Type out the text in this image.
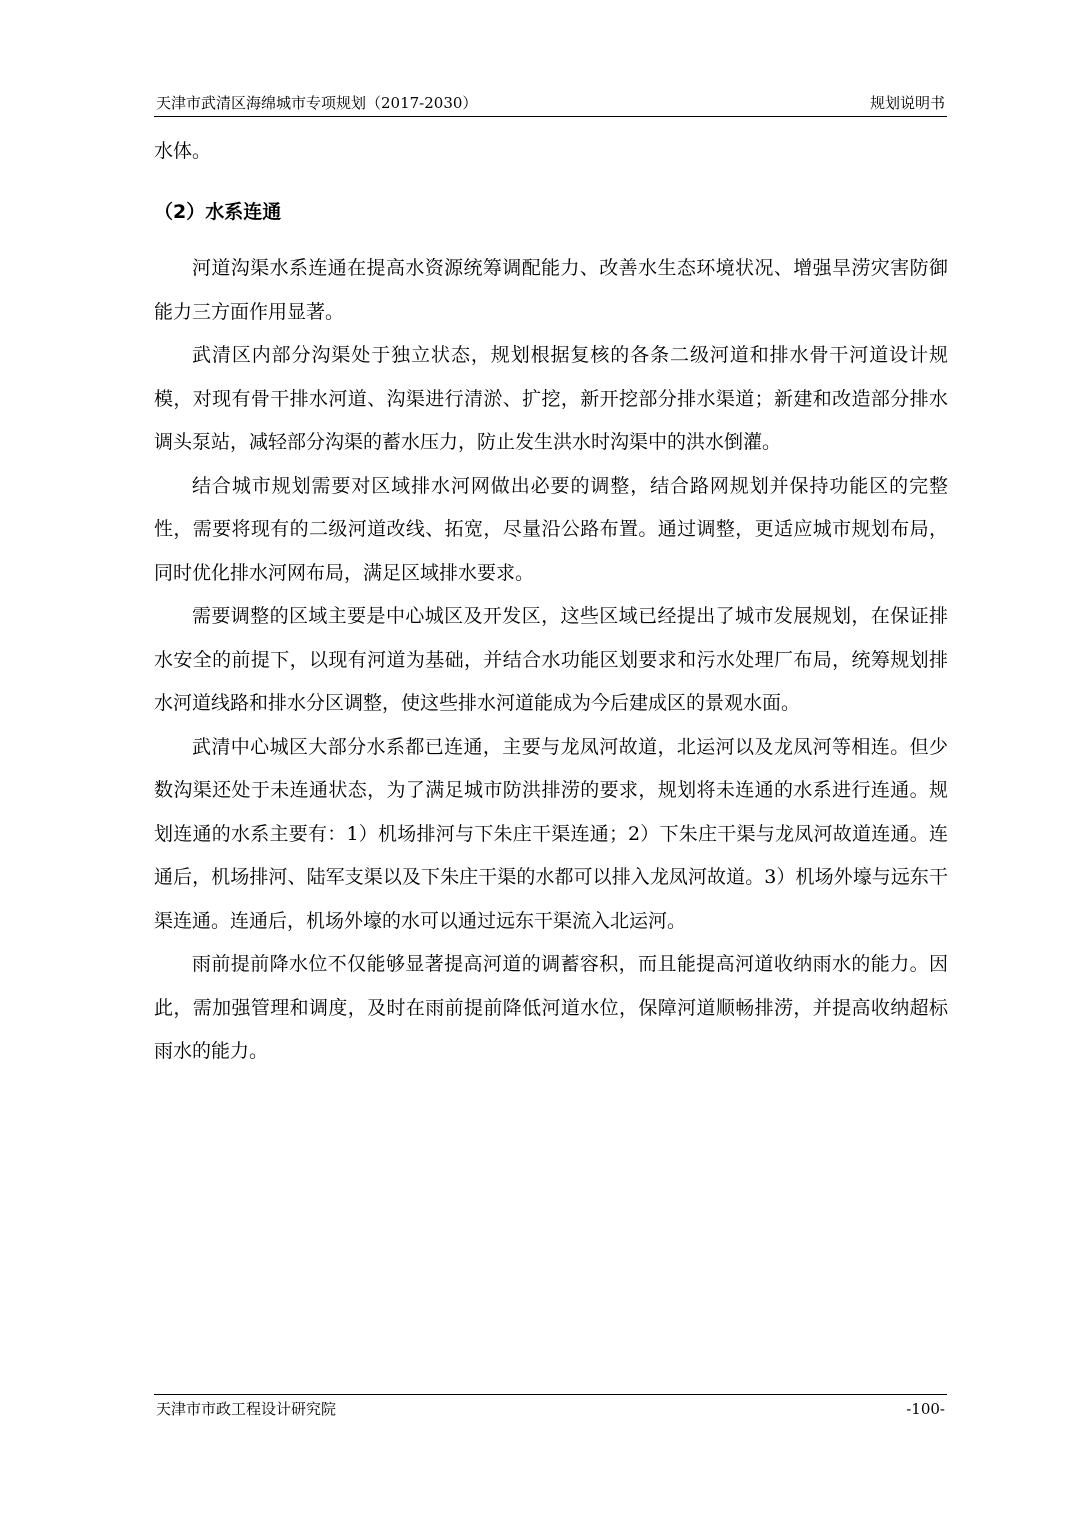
天津市武清区海绵城市专项规划（2017-2030）	规划说明书

水体。

（2）水系连通

河道沟渠水系连通在提高水资源统筹调配能力、改善水生态环境状况、增强旱涝灾害防御能力三方面作用显著。

武清区内部分沟渠处于独立状态，规划根据复核的各条二级河道和排水骨干河道设计规模，对现有骨干排水河道、沟渠进行清淤、扩挖，新开挖部分排水渠道；新建和改造部分排水调头泵站，减轻部分沟渠的蓄水压力，防止发生洪水时沟渠中的洪水倒灌。

结合城市规划需要对区域排水河网做出必要的调整，结合路网规划并保持功能区的完整性，需要将现有的二级河道改线、拓宽，尽量沿公路布置。通过调整，更适应城市规划布局，同时优化排水河网布局，满足区域排水要求。

需要调整的区域主要是中心城区及开发区，这些区域已经提出了城市发展规划，在保证排水安全的前提下，以现有河道为基础，并结合水功能区划要求和污水处理厂布局，统筹规划排水河道线路和排水分区调整，使这些排水河道能成为今后建成区的景观水面。

武清中心城区大部分水系都已连通，主要与龙凤河故道，北运河以及龙凤河等相连。但少数沟渠还处于未连通状态，为了满足城市防洪排涝的要求，规划将未连通的水系进行连通。规划连通的水系主要有：1）机场排河与下朱庄干渠连通；2）下朱庄干渠与龙凤河故道连通。连通后，机场排河、陆军支渠以及下朱庄干渠的水都可以排入龙凤河故道。3）机场外壕与远东干渠连通。连通后，机场外壕的水可以通过远东干渠流入北运河。

雨前提前降水位不仅能够显著提高河道的调蓄容积，而且能提高河道收纳雨水的能力。因此，需加强管理和调度，及时在雨前提前降低河道水位，保障河道顺畅排涝，并提高收纳超标雨水的能力。

天津市市政工程设计研究院	-100-
